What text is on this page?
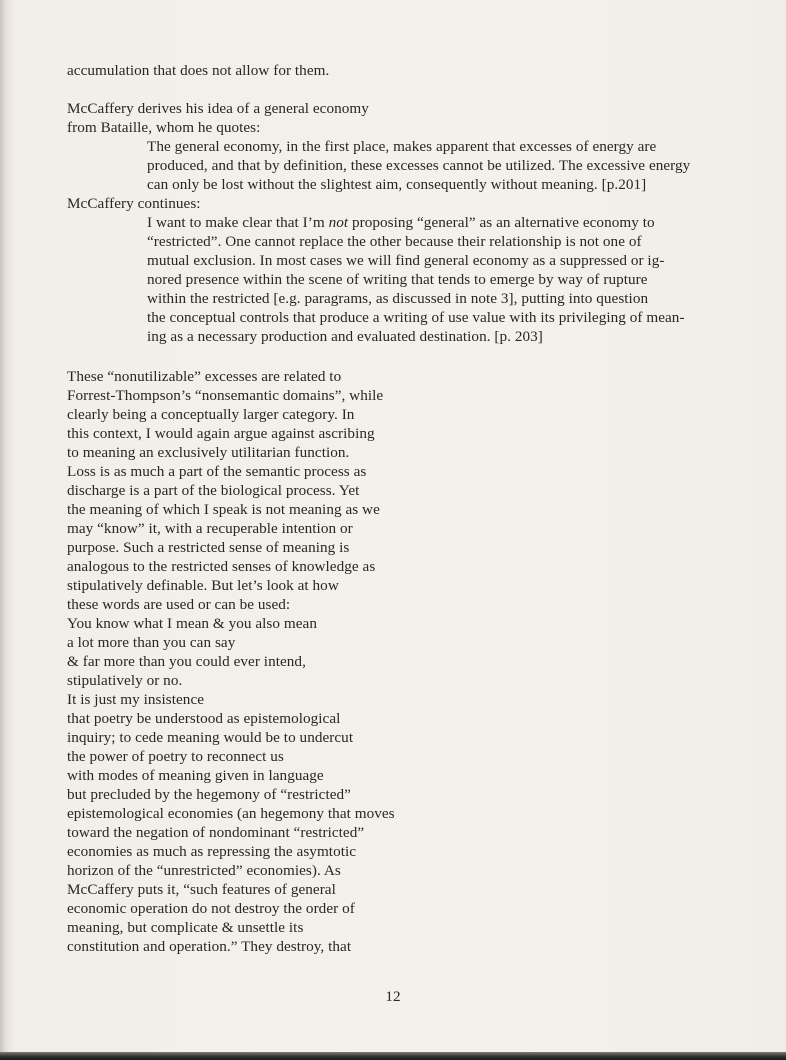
accumulation that does not allow for them.
McCaffery derives his idea of a general economy
from Bataille, whom he quotes:
The general economy, in the first place, makes apparent that excesses of energy are
produced, and that by definition, these excesses cannot be utilized. The excessive energy
can only be lost without the slightest aim, consequently without meaning. [p.201]
McCaffery continues:
I want to make clear that I’m not proposing “general” as an alternative economy to
“restricted”. One cannot replace the other because their relationship is not one of
mutual exclusion. In most cases we will find general economy as a suppressed or ig-
nored presence within the scene of writing that tends to emerge by way of rupture
within the restricted [e.g. paragrams, as discussed in note 3], putting into question
the conceptual controls that produce a writing of use value with its privileging of mean-
ing as a necessary production and evaluated destination. [p. 203]
These “nonutilizable” excesses are related to
Forrest-Thompson’s “nonsemantic domains”, while
clearly being a conceptually larger category. In
this context, I would again argue against ascribing
to meaning an exclusively utilitarian function.
Loss is as much a part of the semantic process as
discharge is a part of the biological process. Yet
the meaning of which I speak is not meaning as we
may “know” it, with a recuperable intention or
purpose. Such a restricted sense of meaning is
analogous to the restricted senses of knowledge as
stipulatively definable. But let’s look at how
these words are used or can be used:
You know what I mean & you also mean
a lot more than you can say
& far more than you could ever intend,
stipulatively or no.
It is just my insistence
that poetry be understood as epistemological
inquiry; to cede meaning would be to undercut
the power of poetry to reconnect us
with modes of meaning given in language
but precluded by the hegemony of “restricted”
epistemological economies (an hegemony that moves
toward the negation of nondominant “restricted”
economies as much as repressing the asymtotic
horizon of the “unrestricted” economies). As
McCaffery puts it, “such features of general
economic operation do not destroy the order of
meaning, but complicate & unsettle its
constitution and operation.” They destroy, that
12
